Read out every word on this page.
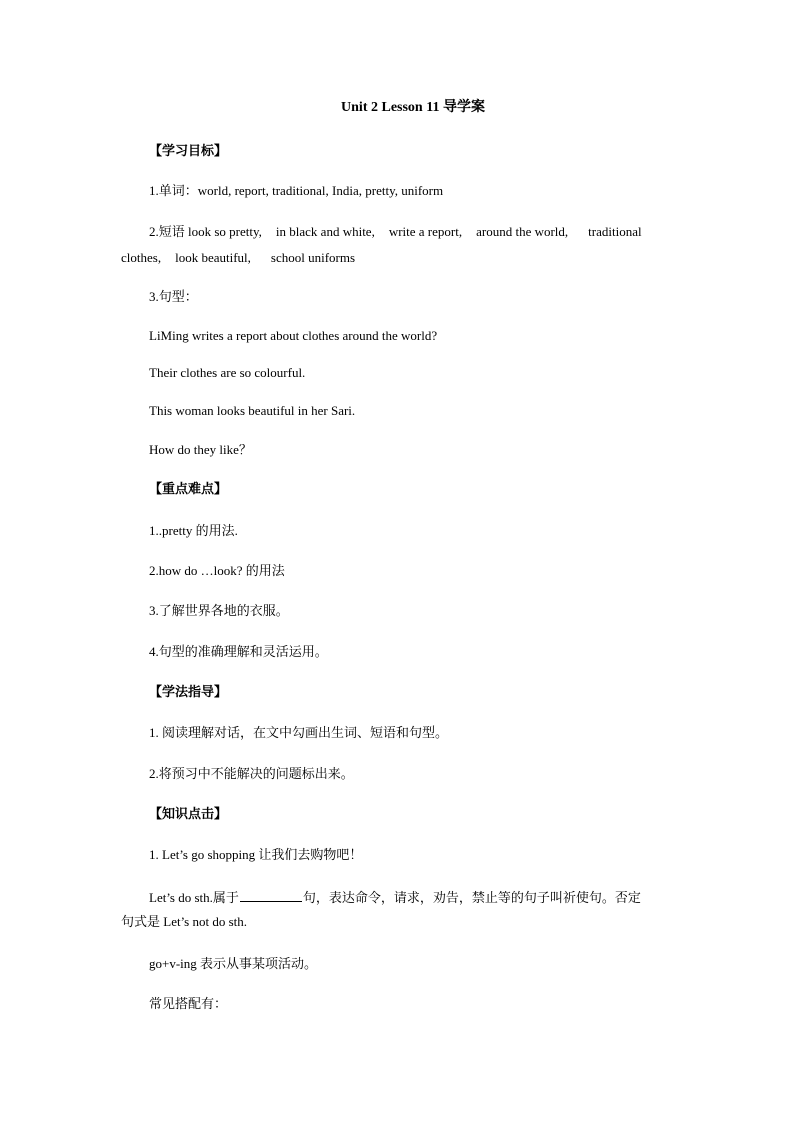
Unit 2 Lesson 11 导学案
【学习目标】
1.单词：world, report, traditional, India, pretty, uniform
2.短语 look so pretty, in black and white, write a report, around the world, traditional
clothes, look beautiful, school uniforms
3.句型：
LiMing writes a report about clothes around the world?
Their clothes are so colourful.
This woman looks beautiful in her Sari.
How do they like？
【重点难点】
1..pretty 的用法.
2.how do …look? 的用法
3.了解世界各地的衣服。
4.句型的准确理解和灵活运用。
【学法指导】
1. 阅读理解对话，在文中勾画出生词、短语和句型。
2.将预习中不能解决的问题标出来。
【知识点击】
1. Let’s go shopping 让我们去购物吧！
Let’s do sth.属于	句，表达命令，请求，劝告，禁止等的句子叫祈使句。否定
句式是 Let’s not do sth.
go+v-ing 表示从事某项活动。
常见搭配有：
